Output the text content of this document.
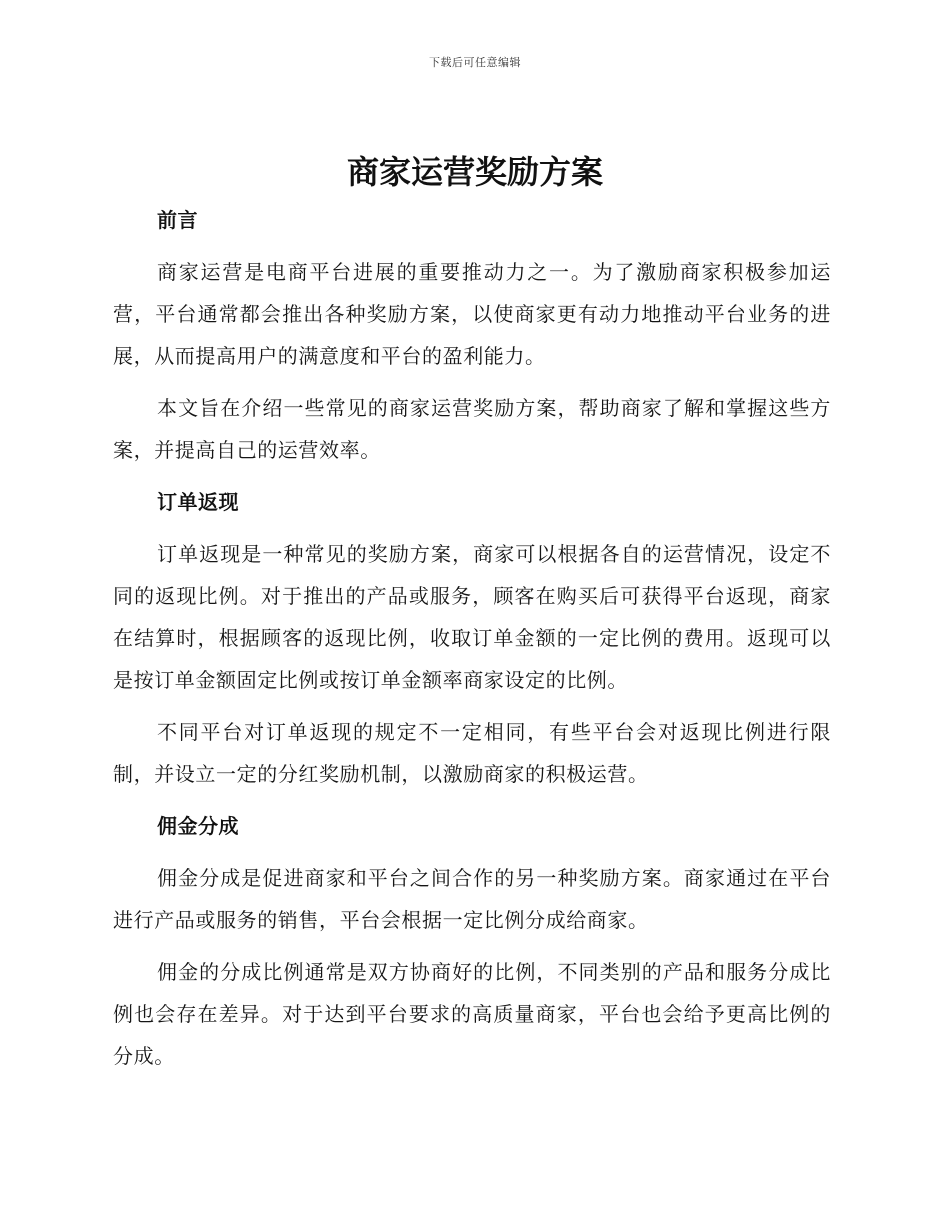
下载后可任意编辑
商家运营奖励方案
前言

商家运营是电商平台进展的重要推动力之一。为了激励商家积极参加运营，平台通常都会推出各种奖励方案，以使商家更有动力地推动平台业务的进展，从而提高用户的满意度和平台的盈利能力。

本文旨在介绍一些常见的商家运营奖励方案，帮助商家了解和掌握这些方案，并提高自己的运营效率。

订单返现

订单返现是一种常见的奖励方案，商家可以根据各自的运营情况，设定不同的返现比例。对于推出的产品或服务，顾客在购买后可获得平台返现，商家在结算时，根据顾客的返现比例，收取订单金额的一定比例的费用。返现可以是按订单金额固定比例或按订单金额率商家设定的比例。

不同平台对订单返现的规定不一定相同，有些平台会对返现比例进行限制，并设立一定的分红奖励机制，以激励商家的积极运营。

佣金分成

佣金分成是促进商家和平台之间合作的另一种奖励方案。商家通过在平台进行产品或服务的销售，平台会根据一定比例分成给商家。

佣金的分成比例通常是双方协商好的比例，不同类别的产品和服务分成比例也会存在差异。对于达到平台要求的高质量商家，平台也会给予更高比例的分成。
